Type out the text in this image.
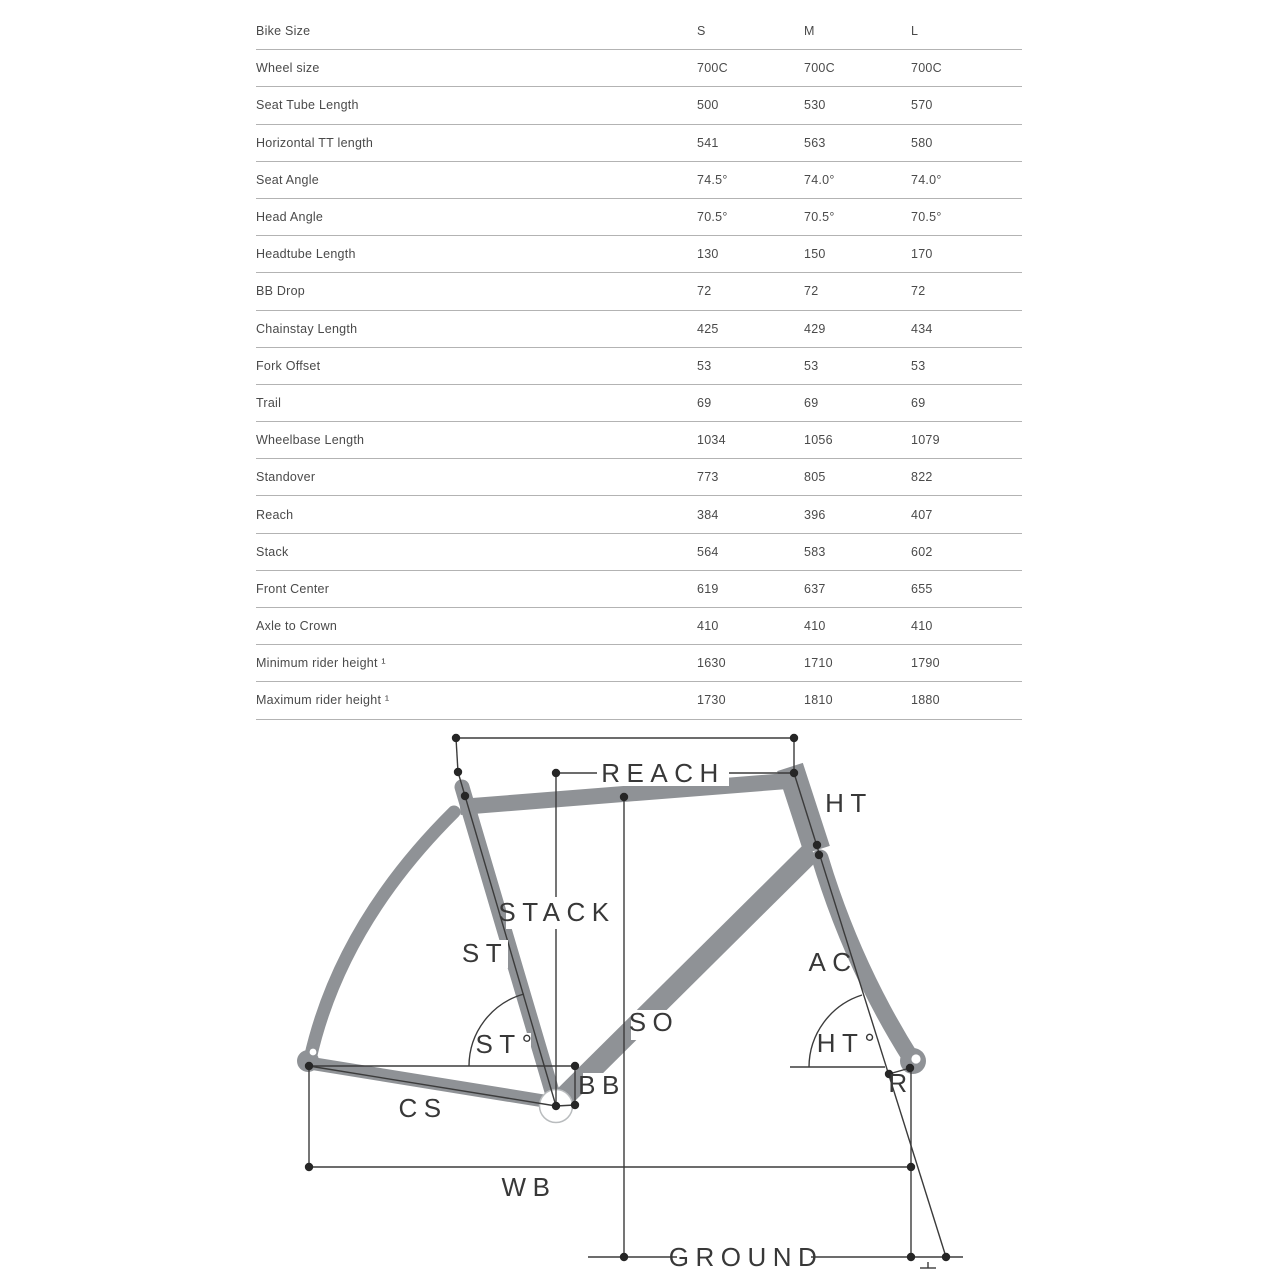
Bike Size	S	M	L
Wheel size	700C	700C	700C
Seat Tube Length	500	530	570
Horizontal TT length	541	563	580
Seat Angle	74.5°	74.0°	74.0°
Head Angle	70.5°	70.5°	70.5°
Headtube Length	130	150	170
BB Drop	72	72	72
Chainstay Length	425	429	434
Fork Offset	53	53	53
Trail	69	69	69
Wheelbase Length	1034	1056	1079
Standover	773	805	822
Reach	384	396	407
Stack	564	583	602
Front Center	619	637	655
Axle to Crown	410	410	410
Minimum rider height ¹	1630	1710	1790
Maximum rider height ¹	1730	1810	1880
REACH
HT
STACK
ST
ST°
SO
BB
CS
AC
HT°
R
WB
GROUND
